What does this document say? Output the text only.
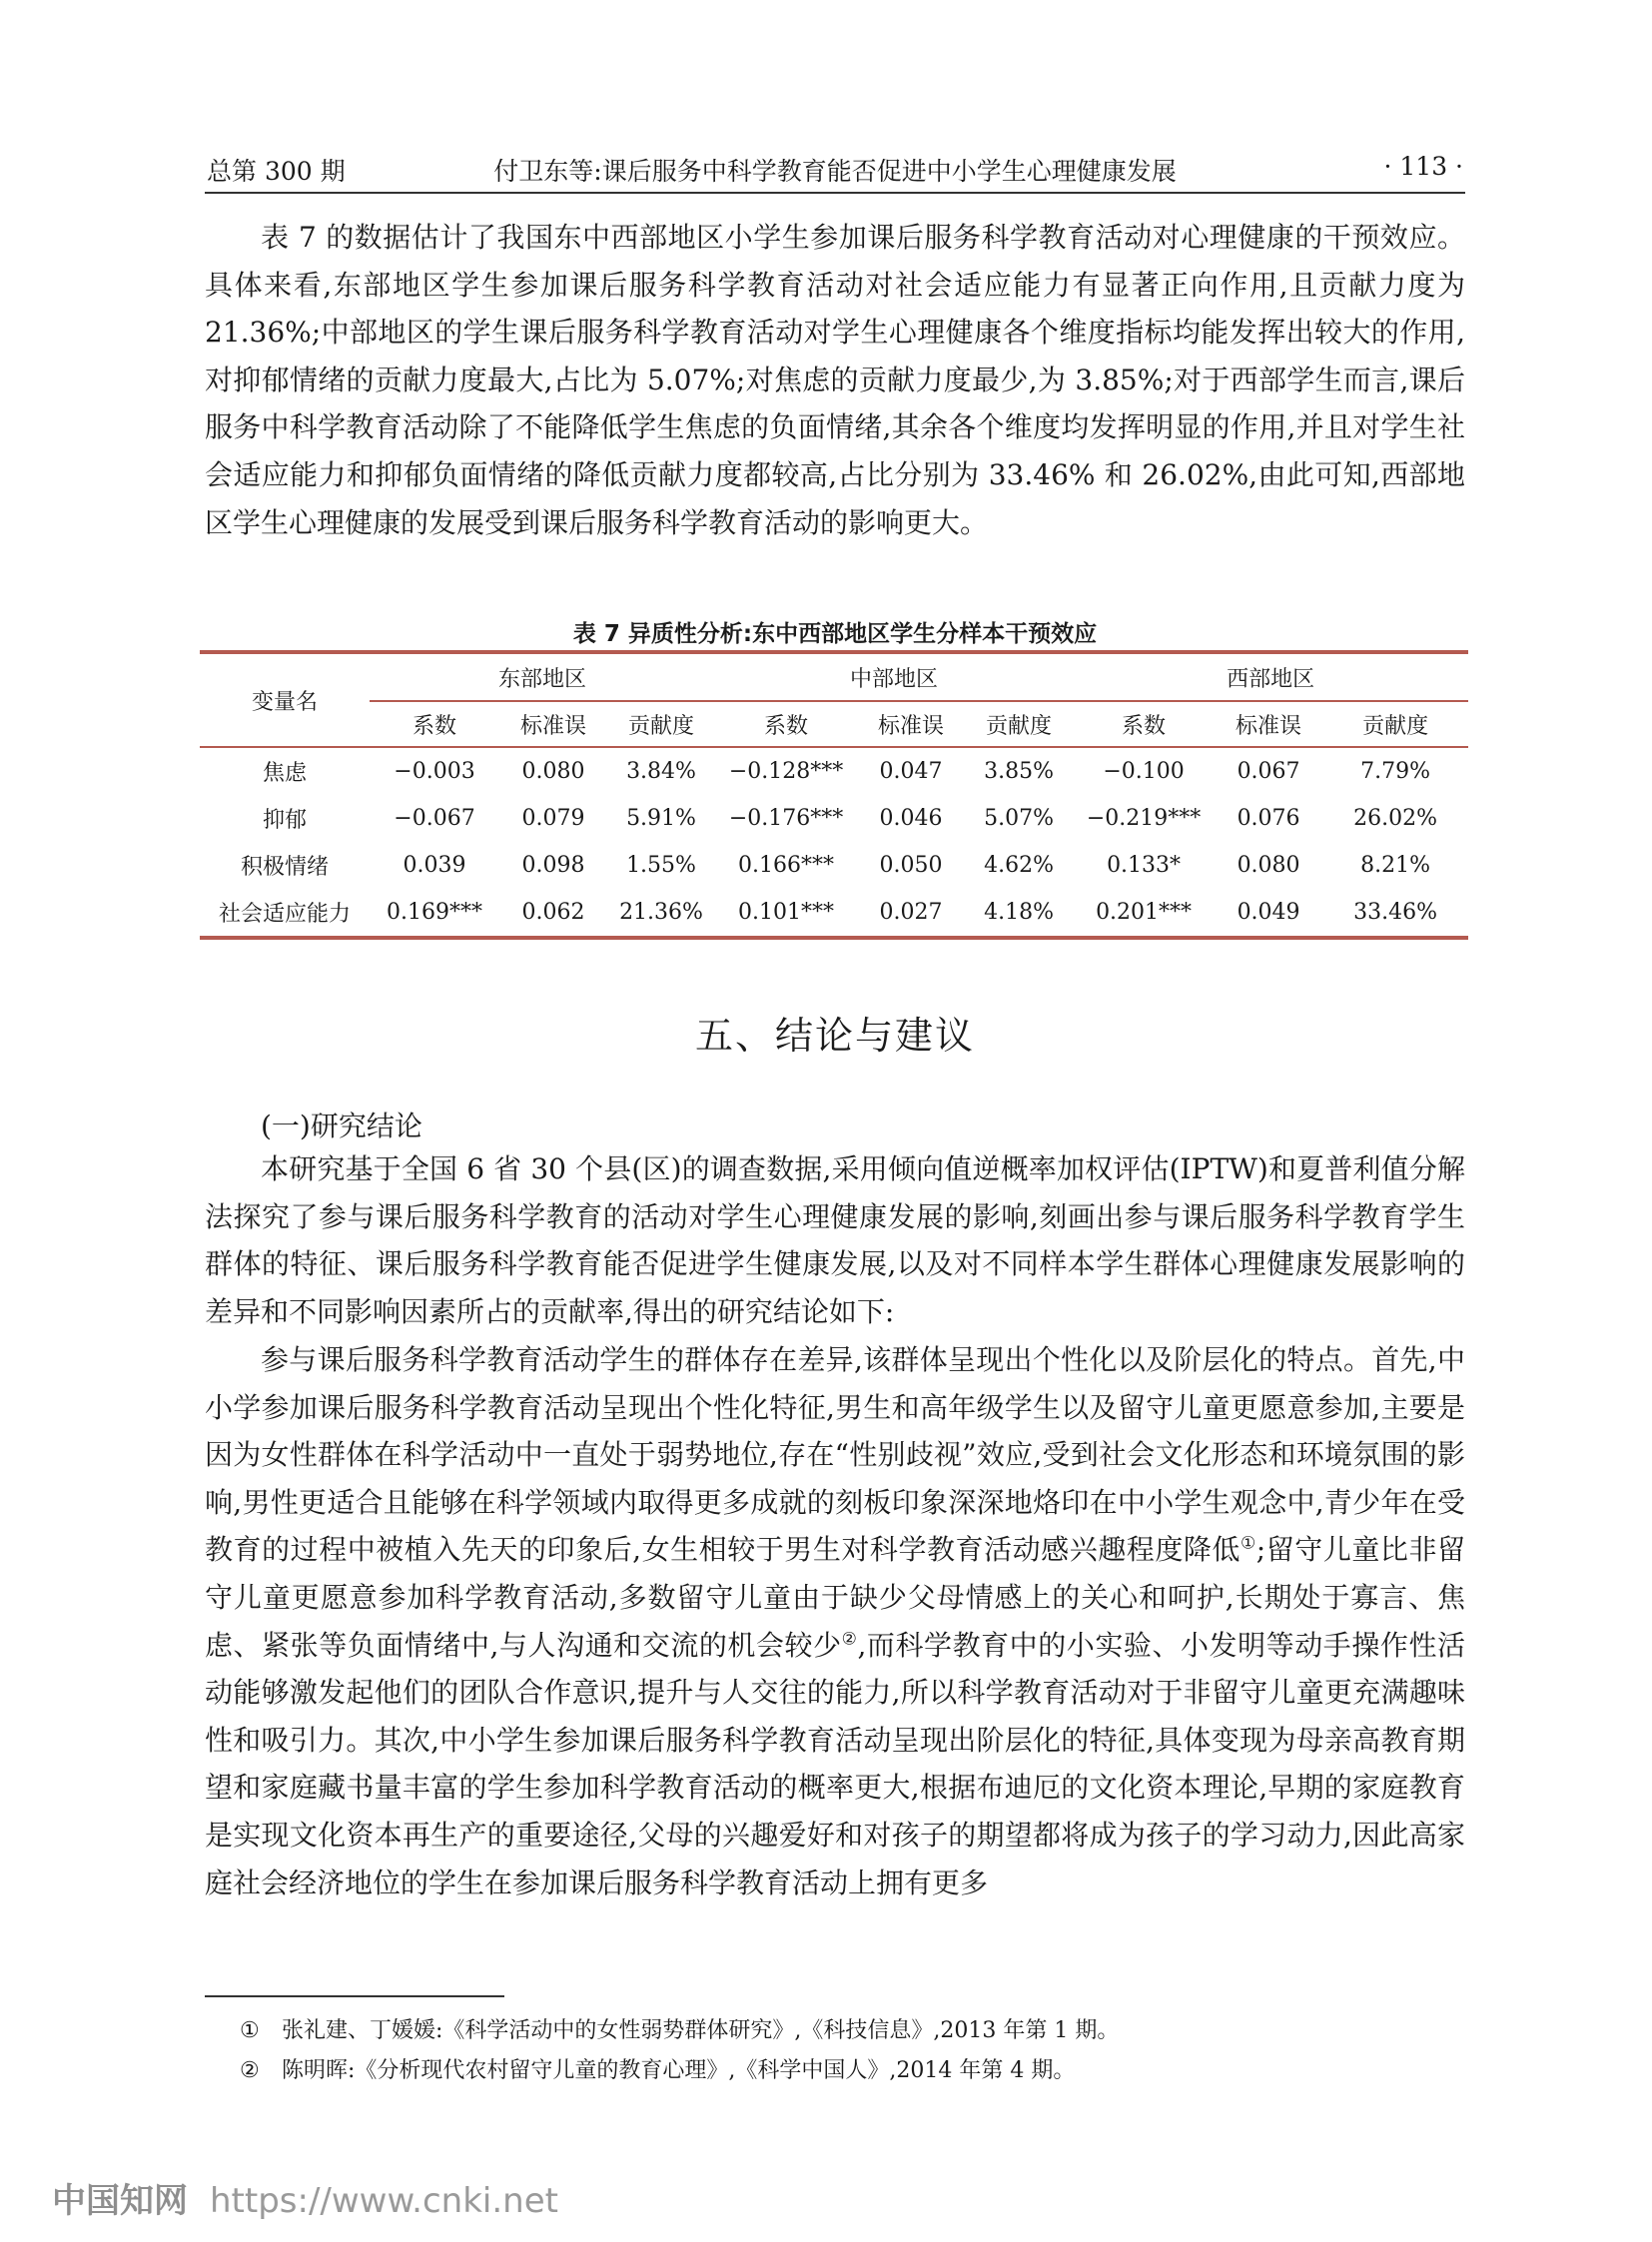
总第 300 期	付卫东等:课后服务中科学教育能否促进中小学生心理健康发展	· 113 ·

表 7 的数据估计了我国东中西部地区小学生参加课后服务科学教育活动对心理健康的干预效应。具体来看,东部地区学生参加课后服务科学教育活动对社会适应能力有显著正向作用,且贡献力度为 21.36%;中部地区的学生课后服务科学教育活动对学生心理健康各个维度指标均能发挥出较大的作用,对抑郁情绪的贡献力度最大,占比为 5.07%;对焦虑的贡献力度最少,为 3.85%;对于西部学生而言,课后服务中科学教育活动除了不能降低学生焦虑的负面情绪,其余各个维度均发挥明显的作用,并且对学生社会适应能力和抑郁负面情绪的降低贡献力度都较高,占比分别为 33.46% 和 26.02%,由此可知,西部地区学生心理健康的发展受到课后服务科学教育活动的影响更大。

表 7 异质性分析:东中西部地区学生分样本干预效应
变量名	东部地区			中部地区			西部地区		
	系数	标准误	贡献度	系数	标准误	贡献度	系数	标准误	贡献度
焦虑	−0.003	0.080	3.84%	−0.128***	0.047	3.85%	−0.100	0.067	7.79%
抑郁	−0.067	0.079	5.91%	−0.176***	0.046	5.07%	−0.219***	0.076	26.02%
积极情绪	0.039	0.098	1.55%	0.166***	0.050	4.62%	0.133*	0.080	8.21%
社会适应能力	0.169***	0.062	21.36%	0.101***	0.027	4.18%	0.201***	0.049	33.46%
五、结论与建议
(一)研究结论

本研究基于全国 6 省 30 个县(区)的调查数据,采用倾向值逆概率加权评估(IPTW)和夏普利值分解法探究了参与课后服务科学教育的活动对学生心理健康发展的影响,刻画出参与课后服务科学教育学生群体的特征、课后服务科学教育能否促进学生健康发展,以及对不同样本学生群体心理健康发展影响的差异和不同影响因素所占的贡献率,得出的研究结论如下:

参与课后服务科学教育活动学生的群体存在差异,该群体呈现出个性化以及阶层化的特点。首先,中小学参加课后服务科学教育活动呈现出个性化特征,男生和高年级学生以及留守儿童更愿意参加,主要是因为女性群体在科学活动中一直处于弱势地位,存在“性别歧视”效应,受到社会文化形态和环境氛围的影响,男性更适合且能够在科学领域内取得更多成就的刻板印象深深地烙印在中小学生观念中,青少年在受教育的过程中被植入先天的印象后,女生相较于男生对科学教育活动感兴趣程度降低①;留守儿童比非留守儿童更愿意参加科学教育活动,多数留守儿童由于缺少父母情感上的关心和呵护,长期处于寡言、焦虑、紧张等负面情绪中,与人沟通和交流的机会较少②,而科学教育中的小实验、小发明等动手操作性活动能够激发起他们的团队合作意识,提升与人交往的能力,所以科学教育活动对于非留守儿童更充满趣味性和吸引力。其次,中小学生参加课后服务科学教育活动呈现出阶层化的特征,具体变现为母亲高教育期望和家庭藏书量丰富的学生参加科学教育活动的概率更大,根据布迪厄的文化资本理论,早期的家庭教育是实现文化资本再生产的重要途径,父母的兴趣爱好和对孩子的期望都将成为孩子的学习动力,因此高家庭社会经济地位的学生在参加课后服务科学教育活动上拥有更多

① 张礼建、丁媛媛:《科学活动中的女性弱势群体研究》,《科技信息》,2013 年第 1 期。
② 陈明晖:《分析现代农村留守儿童的教育心理》,《科学中国人》,2014 年第 4 期。
中国知网 https://www.cnki.net
